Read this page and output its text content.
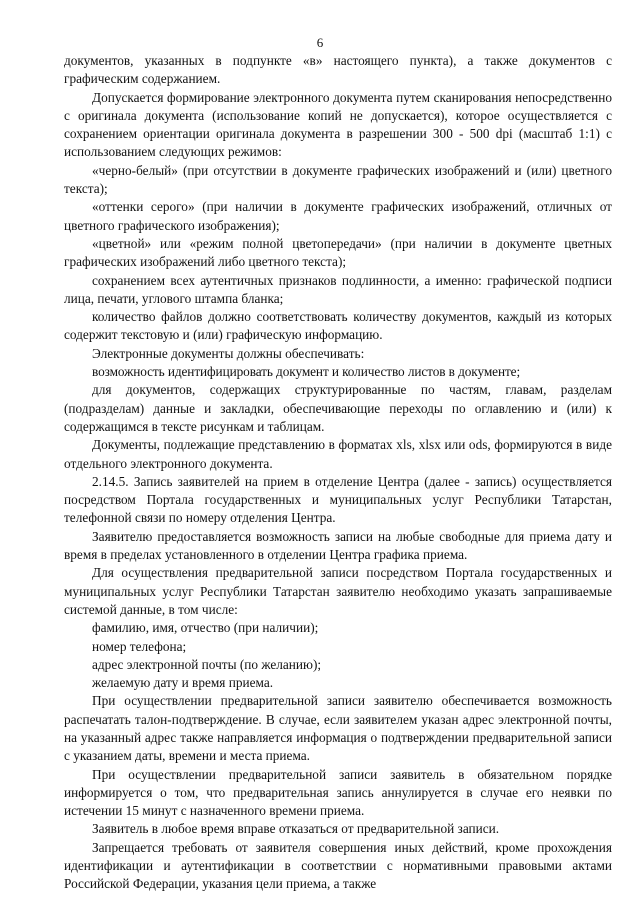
6

документов, указанных в подпункте «в» настоящего пункта), а также документов с графическим содержанием.

Допускается формирование электронного документа путем сканирования непосредственно с оригинала документа (использование копий не допускается), которое осуществляется с сохранением ориентации оригинала документа в разрешении 300 - 500 dpi (масштаб 1:1) с использованием следующих режимов:

«черно-белый» (при отсутствии в документе графических изображений и (или) цветного текста);

«оттенки серого» (при наличии в документе графических изображений, отличных от цветного графического изображения);

«цветной» или «режим полной цветопередачи» (при наличии в документе цветных графических изображений либо цветного текста);

сохранением всех аутентичных признаков подлинности, а именно: графической подписи лица, печати, углового штампа бланка;

количество файлов должно соответствовать количеству документов, каждый из которых содержит текстовую и (или) графическую информацию.

Электронные документы должны обеспечивать:

возможность идентифицировать документ и количество листов в документе;

для документов, содержащих структурированные по частям, главам, разделам (подразделам) данные и закладки, обеспечивающие переходы по оглавлению и (или) к содержащимся в тексте рисункам и таблицам.

Документы, подлежащие представлению в форматах xls, xlsx или ods, формируются в виде отдельного электронного документа.

2.14.5. Запись заявителей на прием в отделение Центра (далее - запись) осуществляется посредством Портала государственных и муниципальных услуг Республики Татарстан, телефонной связи по номеру отделения Центра.

Заявителю предоставляется возможность записи на любые свободные для приема дату и время в пределах установленного в отделении Центра графика приема.

Для осуществления предварительной записи посредством Портала государственных и муниципальных услуг Республики Татарстан заявителю необходимо указать запрашиваемые системой данные, в том числе:

фамилию, имя, отчество (при наличии);

номер телефона;

адрес электронной почты (по желанию);

желаемую дату и время приема.

При осуществлении предварительной записи заявителю обеспечивается возможность распечатать талон-подтверждение. В случае, если заявителем указан адрес электронной почты, на указанный адрес также направляется информация о подтверждении предварительной записи с указанием даты, времени и места приема.

При осуществлении предварительной записи заявитель в обязательном порядке информируется о том, что предварительная запись аннулируется в случае его неявки по истечении 15 минут с назначенного времени приема.

Заявитель в любое время вправе отказаться от предварительной записи.

Запрещается требовать от заявителя совершения иных действий, кроме прохождения идентификации и аутентификации в соответствии с нормативными правовыми актами Российской Федерации, указания цели приема, а также
